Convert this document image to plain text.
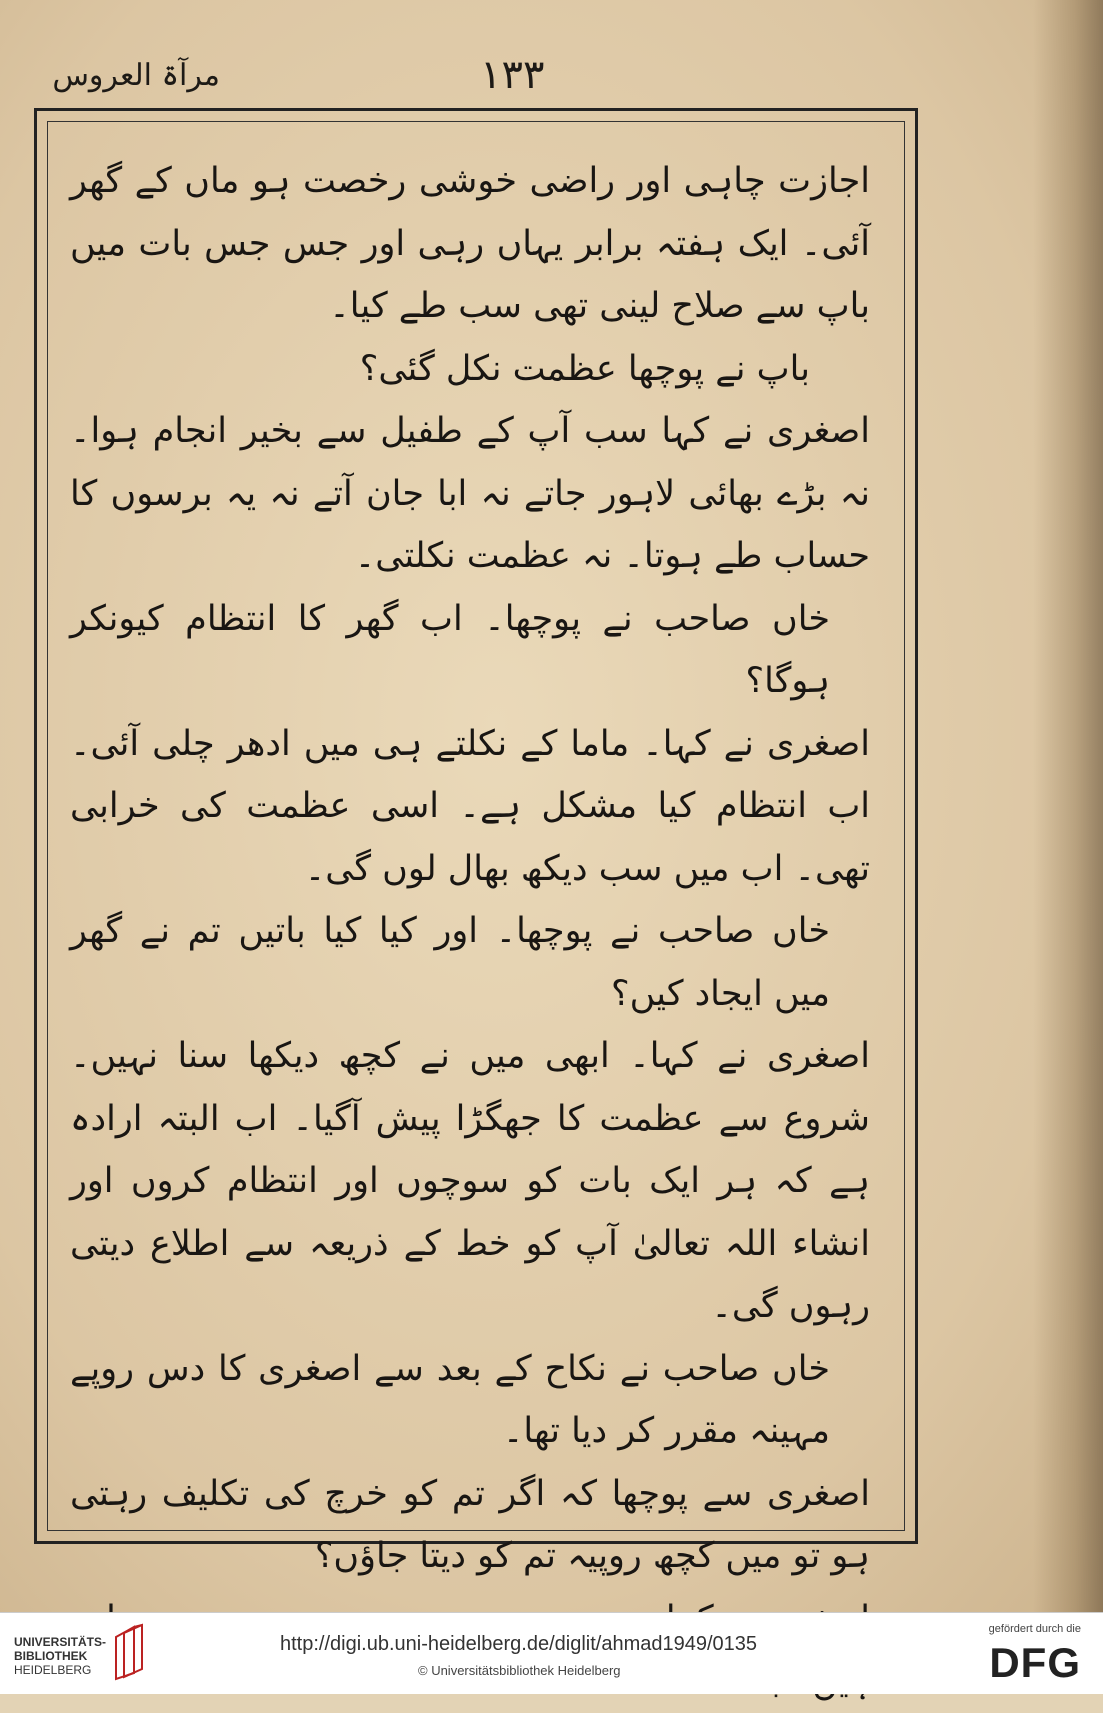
۱۳۳
مرآۃ العروس

اجازت چاہی اور راضی خوشی رخصت ہو ماں کے گھر آئی۔ ایک ہفتہ برابر یہاں رہی اور جس جس بات میں باپ سے صلاح لینی تھی سب طے کیا۔

باپ نے پوچھا عظمت نکل گئی؟

اصغری نے کہا سب آپ کے طفیل سے بخیر انجام ہوا۔ نہ بڑے بھائی لاہور جاتے نہ ابا جان آتے نہ یہ برسوں کا حساب طے ہوتا۔ نہ عظمت نکلتی۔

خاں صاحب نے پوچھا۔ اب گھر کا انتظام کیونکر ہوگا؟

اصغری نے کہا۔ ماما کے نکلتے ہی میں ادھر چلی آئی۔ اب انتظام کیا مشکل ہے۔ اسی عظمت کی خرابی تھی۔ اب میں سب دیکھ بھال لوں گی۔

خاں صاحب نے پوچھا۔ اور کیا کیا باتیں تم نے گھر میں ایجاد کیں؟

اصغری نے کہا۔ ابھی میں نے کچھ دیکھا سنا نہیں۔ شروع سے عظمت کا جھگڑا پیش آگیا۔ اب البتہ ارادہ ہے کہ ہر ایک بات کو سوچوں اور انتظام کروں اور انشاء اللہ تعالیٰ آپ کو خط کے ذریعہ سے اطلاع دیتی رہوں گی۔

خاں صاحب نے نکاح کے بعد سے اصغری کا دس روپے مہینہ مقرر کر دیا تھا۔

اصغری سے پوچھا کہ اگر تم کو خرچ کی تکلیف رہتی ہو تو میں کچھ روپیہ تم کو دیتا جاؤں؟

UNIVERSITÄTS-
BIBLIOTHEK
HEIDELBERG
http://digi.ub.uni-heidelberg.de/diglit/ahmad1949/0135
© Universitätsbibliothek Heidelberg
gefördert durch die
DFG
